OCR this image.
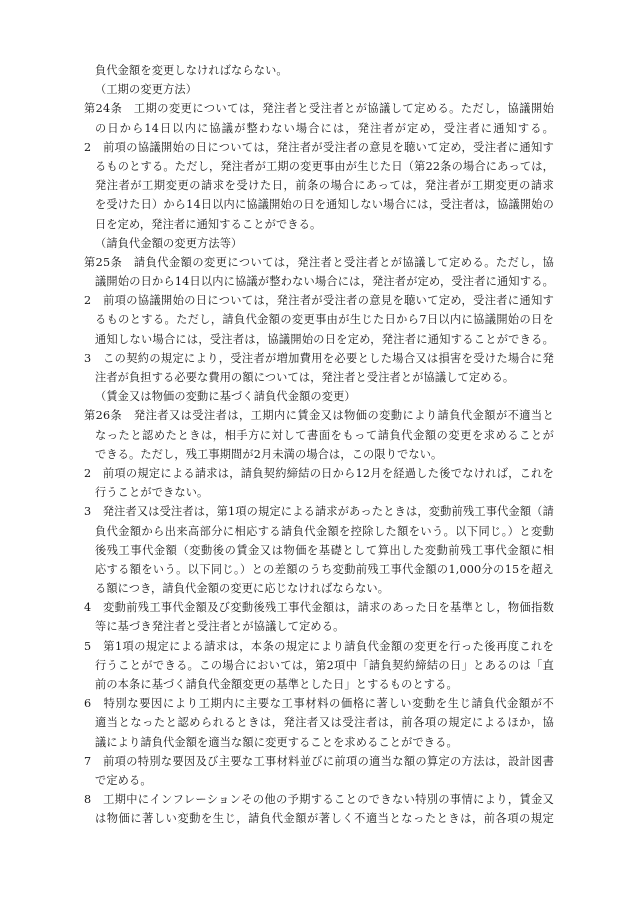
負代金額を変更しなければならない。
（工期の変更方法）
第24条　工期の変更については，発注者と受注者とが協議して定める。ただし，協議開始
の日から14日以内に協議が整わない場合には，発注者が定め，受注者に通知する。
2　前項の協議開始の日については，発注者が受注者の意見を聴いて定め，受注者に通知す
るものとする。ただし，発注者が工期の変更事由が生じた日（第22条の場合にあっては，
発注者が工期変更の請求を受けた日，前条の場合にあっては，発注者が工期変更の請求
を受けた日）から14日以内に協議開始の日を通知しない場合には，受注者は，協議開始の
日を定め，発注者に通知することができる。
（請負代金額の変更方法等）
第25条　請負代金額の変更については，発注者と受注者とが協議して定める。ただし，協
議開始の日から14日以内に協議が整わない場合には，発注者が定め，受注者に通知する。
2　前項の協議開始の日については，発注者が受注者の意見を聴いて定め，受注者に通知す
るものとする。ただし，請負代金額の変更事由が生じた日から7日以内に協議開始の日を
通知しない場合には，受注者は，協議開始の日を定め，発注者に通知することができる。
3　この契約の規定により，受注者が増加費用を必要とした場合又は損害を受けた場合に発
注者が負担する必要な費用の額については，発注者と受注者とが協議して定める。
（賃金又は物価の変動に基づく請負代金額の変更）
第26条　発注者又は受注者は，工期内に賃金又は物価の変動により請負代金額が不適当と
なったと認めたときは，相手方に対して書面をもって請負代金額の変更を求めることが
できる。ただし，残工事期間が2月未満の場合は，この限りでない。
2　前項の規定による請求は，請負契約締結の日から12月を経過した後でなければ，これを
行うことができない。
3　発注者又は受注者は，第1項の規定による請求があったときは，変動前残工事代金額（請
負代金額から出来高部分に相応する請負代金額を控除した額をいう。以下同じ。）と変動
後残工事代金額（変動後の賃金又は物価を基礎として算出した変動前残工事代金額に相
応する額をいう。以下同じ。）との差額のうち変動前残工事代金額の1,000分の15を超え
る額につき，請負代金額の変更に応じなければならない。
4　変動前残工事代金額及び変動後残工事代金額は，請求のあった日を基準とし，物価指数
等に基づき発注者と受注者とが協議して定める。
5　第1項の規定による請求は，本条の規定により請負代金額の変更を行った後再度これを
行うことができる。この場合においては，第2項中「請負契約締結の日」とあるのは「直
前の本条に基づく請負代金額変更の基準とした日」とするものとする。
6　特別な要因により工期内に主要な工事材料の価格に著しい変動を生じ請負代金額が不
適当となったと認められるときは，発注者又は受注者は，前各項の規定によるほか，協
議により請負代金額を適当な額に変更することを求めることができる。
7　前項の特別な要因及び主要な工事材料並びに前項の適当な額の算定の方法は，設計図書
で定める。
8　工期中にインフレーションその他の予期することのできない特別の事情により，賃金又
は物価に著しい変動を生じ，請負代金額が著しく不適当となったときは，前各項の規定
